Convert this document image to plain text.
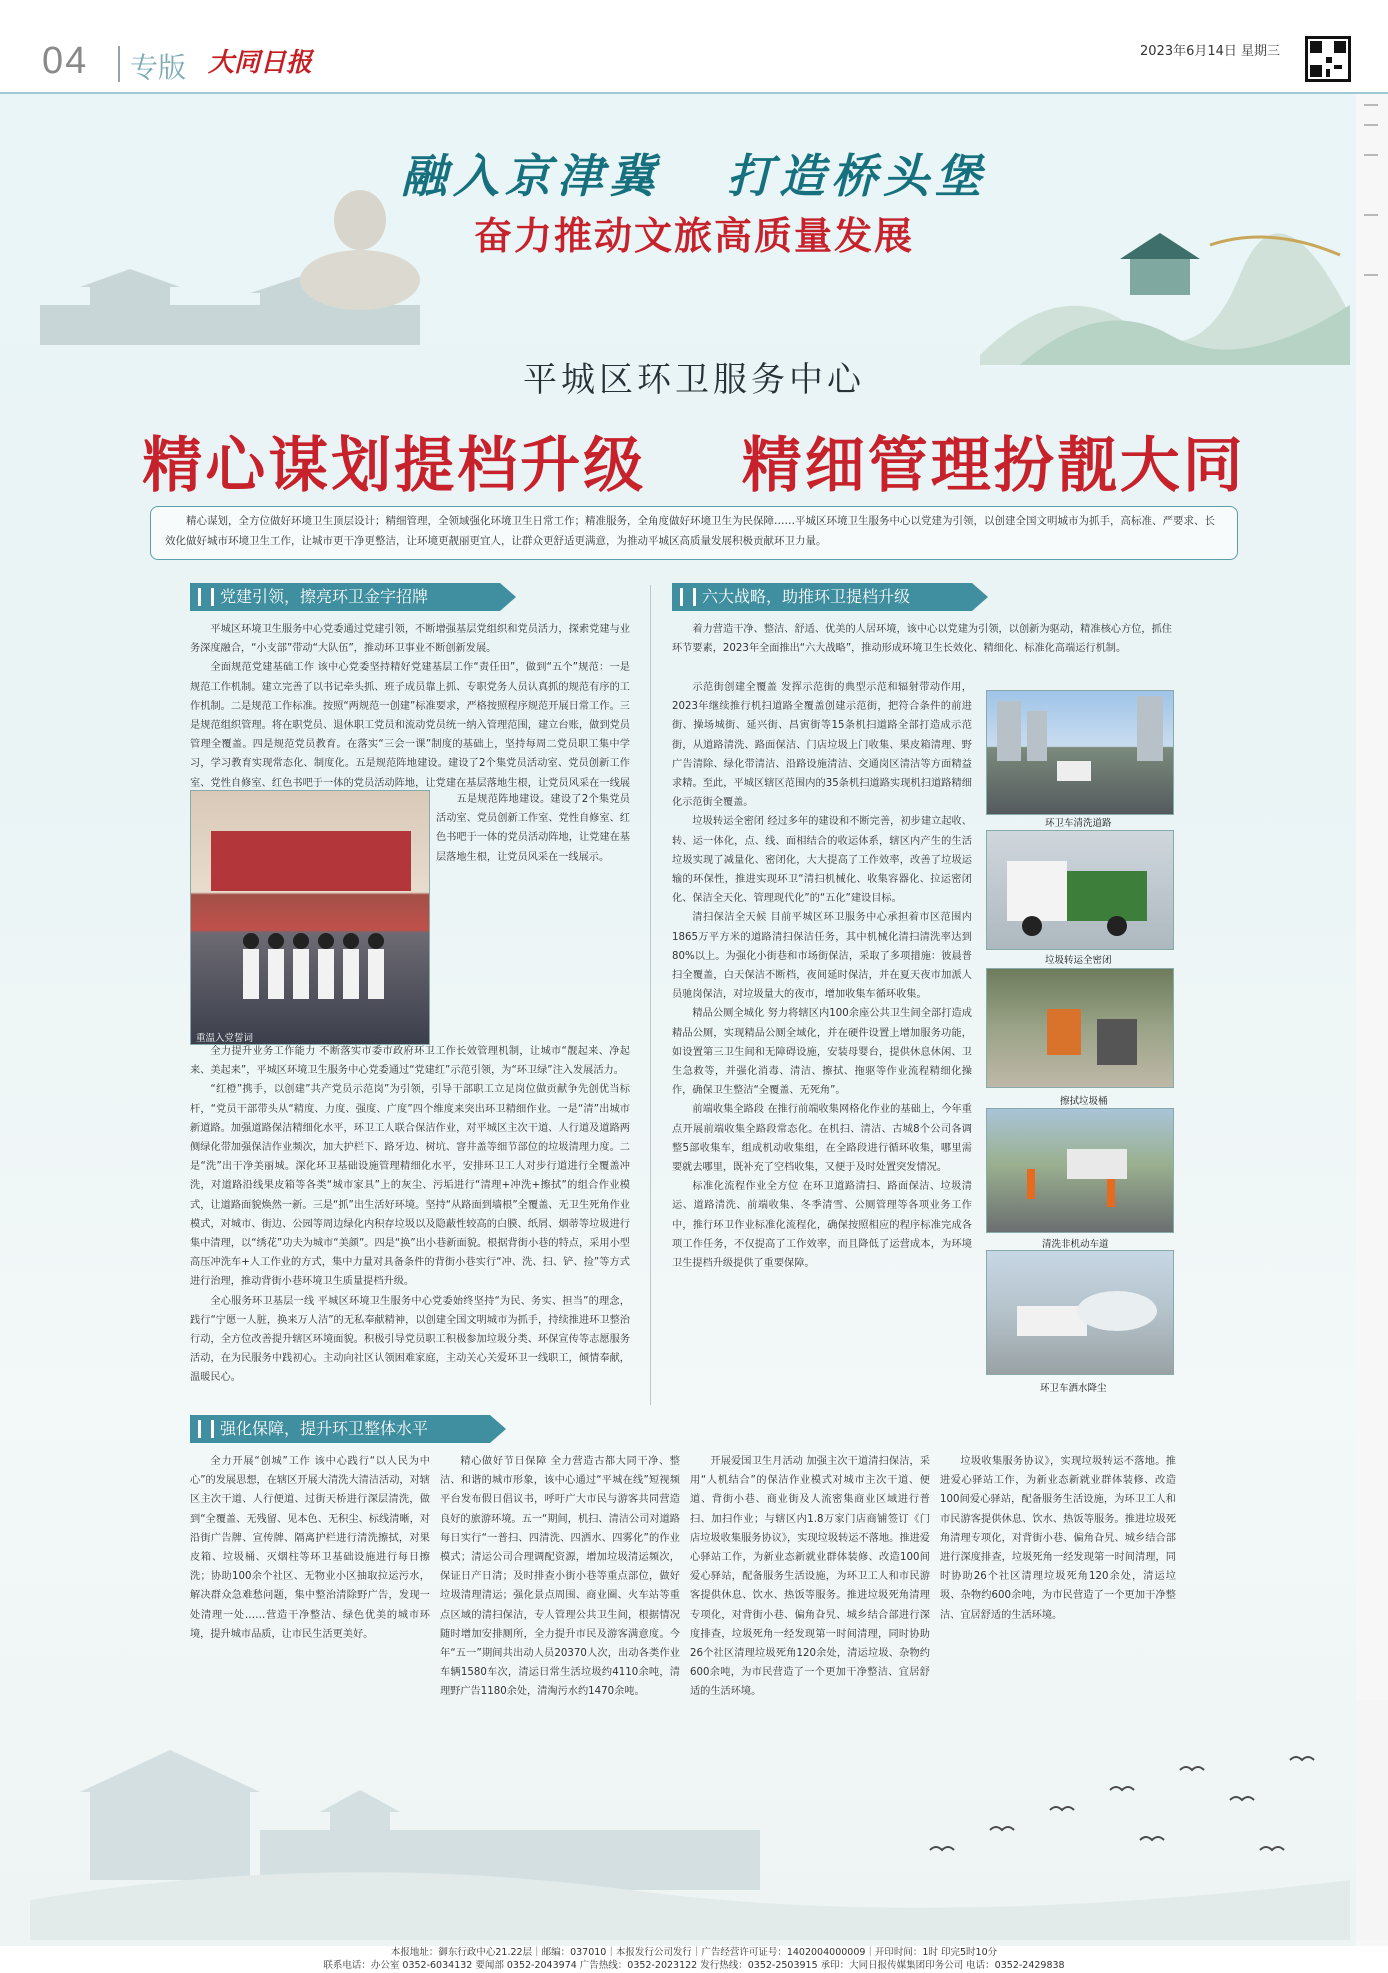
04 专版 大同日报	2023年6月14日 星期三
融入京津冀   打造桥头堡
奋力推动文旅高质量发展
平城区环卫服务中心
精心谋划提档升级    精细管理扮靓大同
精心谋划，全方位做好环境卫生顶层设计；精细管理，全领域强化环境卫生日常工作；精准服务，全角度做好环境卫生为民保障……平城区环境卫生服务中心以党建为引领，以创建全国文明城市为抓手，高标准、严要求、长效化做好城市环境卫生工作，让城市更干净更整洁，让环境更靓丽更宜人，让群众更舒适更满意，为推动平城区高质量发展积极贡献环卫力量。
党建引领，擦亮环卫金字招牌

平城区环境卫生服务中心党委通过党建引领，不断增强基层党组织和党员活力，探索党建与业务深度融合，“小支部”带动“大队伍”，推动环卫事业不断创新发展。

全面规范党建基础工作 该中心党委坚持精好党建基层工作“责任田”，做到“五个”规范：一是规范工作机制。建立完善了以书记牵头抓、班子成员靠上抓、专职党务人员认真抓的规范有序的工作机制。二是规范工作标准。按照“两规范一创建”标准要求，严格按照程序规范开展日常工作。三是规范组织管理。将在职党员、退休职工党员和流动党员统一纳入管理范围，建立台账，做到党员管理全覆盖。四是规范党员教育。在落实“三会一课”制度的基础上，坚持每周二党员职工集中学习，学习教育实现常态化、制度化。五是规范阵地建设。建设了2个集党员活动室、党员创新工作室、党性自修室、红色书吧于一体的党员活动阵地，让党建在基层落地生根，让党员风采在一线展

重温入党誓词

五是规范阵地建设。建设了2个集党员活动室、党员创新工作室、党性自修室、红色书吧于一体的党员活动阵地，让党建在基层落地生根，让党员风采在一线展示。

全力提升业务工作能力 不断落实市委市政府环卫工作长效管理机制，让城市“靓起来、净起来、美起来”，平城区环境卫生服务中心党委通过“党建红”示范引领，为“环卫绿”注入发展活力。

“红橙”携手，以创建”共产党员示范岗”为引领，引导干部职工立足岗位做贡献争先创优当标杆，“党员干部带头从“精度、力度、强度、广度”四个维度来突出环卫精细作业。一是“清”出城市新道路。加强道路保洁精细化水平，环卫工人联合保洁作业，对平城区主次干道、人行道及道路两侧绿化带加强保洁作业频次，加大护栏下、路牙边、树坑、窨井盖等细节部位的垃圾清理力度。二是“洗”出干净美丽城。深化环卫基础设施管理精细化水平，安排环卫工人对步行道进行全覆盖冲洗，对道路沿线果皮箱等各类“城市家具”上的灰尘、污垢进行“清理+冲洗+擦拭”的组合作业模式，让道路面貌焕然一新。三是“抓”出生活好环境。坚持“从路面到墙根”全覆盖、无卫生死角作业模式，对城市、街边、公园等周边绿化内积存垃圾以及隐蔽性较高的白膜、纸屑、烟蒂等垃圾进行集中清理，以“绣花”功夫为城市“美颜”。四是“换”出小巷新面貌。根据背街小巷的特点，采用小型高压冲洗车+人工作业的方式，集中力量对具备条件的背街小巷实行“冲、洗、扫、铲、捡”等方式进行治理，推动背街小巷环境卫生质量提档升级。

全心服务环卫基层一线 平城区环境卫生服务中心党委始终坚持“为民、务实、担当”的理念，践行“宁愿一人脏，换来万人洁”的无私奉献精神，以创建全国文明城市为抓手，持续推进环卫整治行动，全方位改善提升辖区环境面貌。积极引导党员职工积极参加垃圾分类、环保宣传等志愿服务活动，在为民服务中践初心。主动向社区认领困难家庭，主动关心关爱环卫一线职工，倾情奉献，温暖民心。

六大战略，助推环卫提档升级
着力营造干净、整洁、舒适、优美的人居环境，该中心以党建为引领，以创新为驱动，精准核心方位，抓住环节要素，2023年全面推出“六大战略”，推动形成环境卫生长效化、精细化、标准化高端运行机制。

示范街创建全覆盖 发挥示范街的典型示范和辐射带动作用，2023年继续推行机扫道路全覆盖创建示范街，把符合条件的前进街、操场城街、延兴街、昌寅街等15条机扫道路全部打造成示范街，从道路清洗、路面保洁、门店垃圾上门收集、果皮箱清理、野广告清除、绿化带清洁、沿路设施清洁、交通岗区清洁等方面精益求精。至此，平城区辖区范围内的35条机扫道路实现机扫道路精细化示范街全覆盖。

垃圾转运全密闭 经过多年的建设和不断完善，初步建立起收、转、运一体化，点、线、面相结合的收运体系，辖区内产生的生活垃圾实现了减量化、密闭化，大大提高了工作效率，改善了垃圾运输的环保性，推进实现环卫“清扫机械化、收集容器化、拉运密闭化、保洁全天化、管理现代化”的“五化”建设目标。

清扫保洁全天候 目前平城区环卫服务中心承担着市区范围内1865万平方米的道路清扫保洁任务，其中机械化清扫清洗率达到80%以上。为强化小街巷和市场街保洁，采取了多项措施：彼晨普扫全覆盖，白天保洁不断档，夜间延时保洁，并在夏天夜市加派人员驰岗保洁，对垃圾量大的夜市，增加收集车循环收集。

精品公厕全城化 努力将辖区内100余座公共卫生间全部打造成精品公厕，实现精品公厕全域化，并在硬件设置上增加服务功能，如设置第三卫生间和无障碍设施，安装母婴台，提供休息休闲、卫生急救等，并强化消毒、清洁、擦拭、拖驱等作业流程精细化操作，确保卫生整洁“全覆盖、无死角”。

前端收集全路段 在推行前端收集网格化作业的基础上，今年重点开展前端收集全路段常态化。在机扫、清洁、古城8个公司各调整5部收集车，组成机动收集组，在全路段进行循环收集，哪里需要就去哪里，既补充了空档收集，又便于及时处置突发情况。

标准化流程作业全方位 在环卫道路清扫、路面保洁、垃圾清运、道路清洗、前端收集、冬季清雪、公厕管理等各项业务工作中，推行环卫作业标准化流程化，确保按照相应的程序标准完成各项工作任务，不仅提高了工作效率，而且降低了运营成本，为环境卫生提档升级提供了重要保障。

环卫车清洗道路
垃圾转运全密闭
擦拭垃圾桶
清洗非机动车道
环卫车洒水降尘
强化保障，提升环卫整体水平
全力开展“创城”工作 该中心践行“以人民为中心”的发展思想，在辖区开展大清洗大清洁活动，对辖区主次干道、人行便道、过街天桥进行深层清洗，做到“全覆盖、无残留、见本色、无积尘、标线清晰，对沿街广告牌、宣传牌、隔离护栏进行清洗擦拭，对果皮箱、垃圾桶、灭烟柱等环卫基础设施进行每日擦洗；协助100余个社区、无物业小区抽取拉运污水，解决群众急难愁问题，集中整治清除野广告，发现一处清理一处……营造干净整洁、绿色优美的城市环境，提升城市品质，让市民生活更美好。
精心做好节日保障 全力营造古都大同干净、整洁、和谐的城市形象，该中心通过“平城在线”短视频平台发布假日倡议书，呼吁广大市民与游客共同营造良好的旅游环境。五一“期间，机扫、清洁公司对道路每日实行“一普扫、四清洗、四洒水、四雾化”的作业模式；清运公司合理调配资源，增加垃圾清运频次，保证日产日清；及时排查小街小巷等重点部位，做好垃圾清理清运；强化景点周围、商业圈、火车站等重点区域的清扫保洁，专人管理公共卫生间，根据情况随时增加安排厕所，全力提升市民及游客满意度。今年“五一”期间共出动人员20370人次，出动各类作业车辆1580车次，清运日常生活垃圾约4110余吨，清理野广告1180余处，清淘污水约1470余吨。
开展爱国卫生月活动 加强主次干道清扫保洁，采用“人机结合”的保洁作业模式对城市主次干道、便道、背街小巷、商业街及人流密集商业区域进行普扫、加扫作业；与辖区内1.8万家门店商铺签订《门店垃圾收集服务协议》，实现垃圾转运不落地。推进爱心驿站工作，为新业态新就业群体装修、改造100间爱心驿站，配备服务生活设施，为环卫工人和市民游客提供休息、饮水、热饭等服务。推进垃圾死角清理专项化，对背街小巷、偏角旮旯、城乡结合部进行深度排查，垃圾死角一经发现第一时间清理，同时协助26个社区清理垃圾死角120余处，清运垃圾、杂物约600余吨，为市民营造了一个更加干净整洁、宜居舒适的生活环境。

垃圾收集服务协议》，实现垃圾转运不落地。推进爱心驿站工作，为新业态新就业群体装修、改造100间爱心驿站，配备服务生活设施，为环卫工人和市民游客提供休息、饮水、热饭等服务。推进垃圾死角清理专项化，对背街小巷、偏角旮旯、城乡结合部进行深度排查，垃圾死角一经发现第一时间清理，同时协助26个社区清理垃圾死角120余处，清运垃圾、杂物约600余吨，为市民营造了一个更加干净整洁、宜居舒适的生活环境。

本报地址：御东行政中心21.22层｜邮编：037010｜本报发行公司发行｜广告经营许可证号：1402004000009｜开印时间：1时 印完5时10分

联系电话：办公室 0352-6034132 要闻部 0352-2043974 广告热线：0352-2023122 发行热线：0352-2503915 承印：大同日报传媒集团印务公司 电话：0352-2429838
